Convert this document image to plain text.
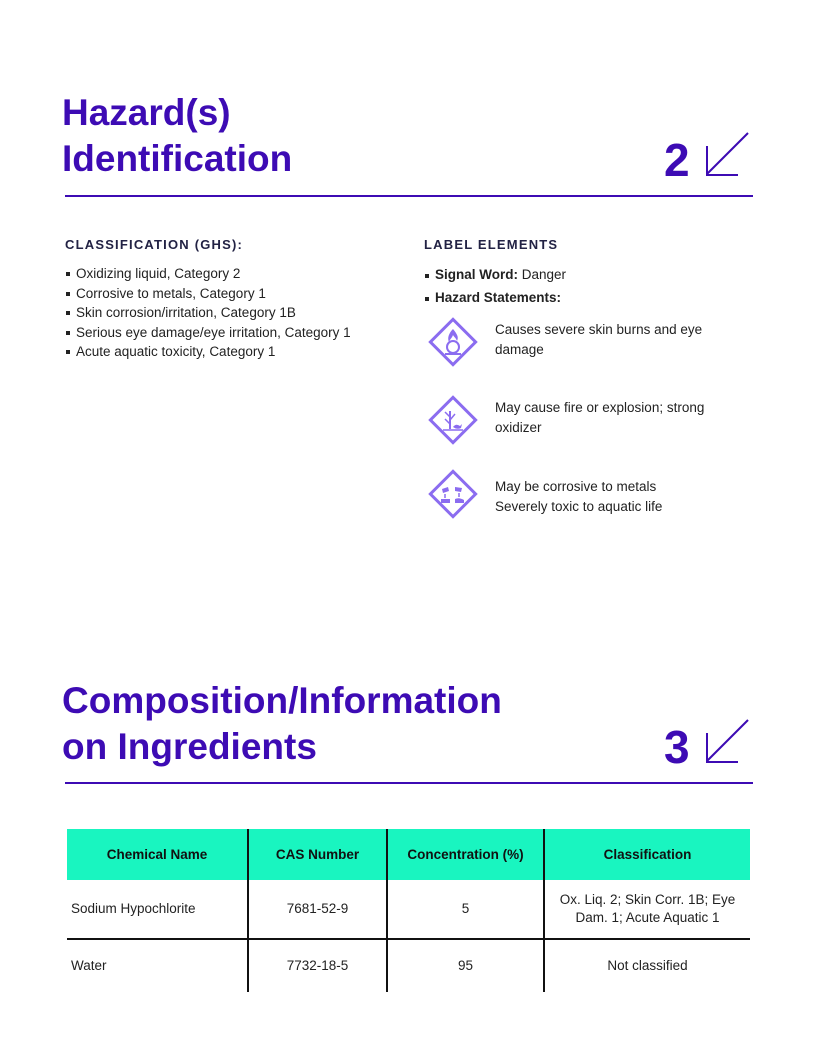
Hazard(s)
Identification	2
CLASSIFICATION (GHS):
Oxidizing liquid, Category 2
Corrosive to metals, Category 1
Skin corrosion/irritation, Category 1B
Serious eye damage/eye irritation, Category 1
Acute aquatic toxicity, Category 1
LABEL ELEMENTS
Signal Word: Danger
Hazard Statements:
Causes severe skin burns and eye damage
May cause fire or explosion; strong oxidizer
May be corrosive to metals Severely toxic to aquatic life
Composition/Information
on Ingredients	3
Chemical Name	CAS Number	Concentration (%)	Classification
Sodium Hypochlorite	7681-52-9	5	Ox. Liq. 2; Skin Corr. 1B; Eye Dam. 1; Acute Aquatic 1
Water	7732-18-5	95	Not classified
